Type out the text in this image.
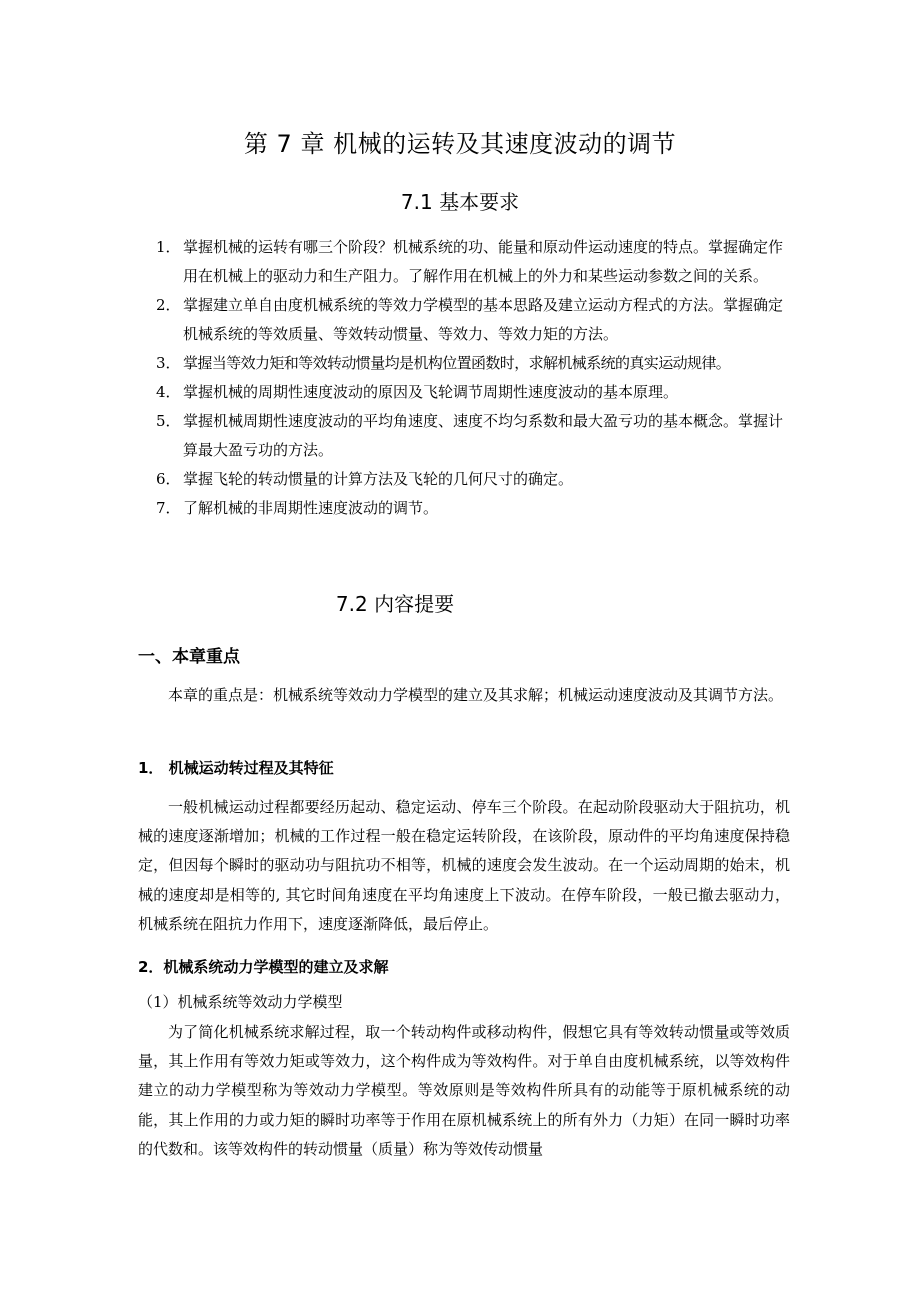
第 7 章 机械的运转及其速度波动的调节
7.1 基本要求
1． 掌握机械的运转有哪三个阶段？机械系统的功、能量和原动件运动速度的特点。掌握确定作用在机械上的驱动力和生产阻力。了解作用在机械上的外力和某些运动参数之间的关系。
2． 掌握建立单自由度机械系统的等效力学模型的基本思路及建立运动方程式的方法。掌握确定机械系统的等效质量、等效转动惯量、等效力、等效力矩的方法。
3． 掌握当等效力矩和等效转动惯量均是机构位置函数时，求解机械系统的真实运动规律。
4． 掌握机械的周期性速度波动的原因及飞轮调节周期性速度波动的基本原理。
5． 掌握机械周期性速度波动的平均角速度、速度不均匀系数和最大盈亏功的基本概念。掌握计算最大盈亏功的方法。
6． 掌握飞轮的转动惯量的计算方法及飞轮的几何尺寸的确定。
7． 了解机械的非周期性速度波动的调节。
7.2 内容提要
一、本章重点

本章的重点是：机械系统等效动力学模型的建立及其求解；机械运动速度波动及其调节方法。

1． 机械运动转过程及其特征

一般机械运动过程都要经历起动、稳定运动、停车三个阶段。在起动阶段驱动大于阻抗功，机械的速度逐渐增加；机械的工作过程一般在稳定运转阶段，在该阶段，原动件的平均角速度保持稳定，但因每个瞬时的驱动功与阻抗功不相等，机械的速度会发生波动。在一个运动周期的始末，机械的速度却是相等的, 其它时间角速度在平均角速度上下波动。在停车阶段，一般已撤去驱动力，机械系统在阻抗力作用下，速度逐渐降低，最后停止。

2．机械系统动力学模型的建立及求解
（1）机械系统等效动力学模型

为了简化机械系统求解过程，取一个转动构件或移动构件，假想它具有等效转动惯量或等效质量，其上作用有等效力矩或等效力，这个构件成为等效构件。对于单自由度机械系统，以等效构件建立的动力学模型称为等效动力学模型。等效原则是等效构件所具有的动能等于原机械系统的动能，其上作用的力或力矩的瞬时功率等于作用在原机械系统上的所有外力（力矩）在同一瞬时功率的代数和。该等效构件的转动惯量（质量）称为等效传动惯量
